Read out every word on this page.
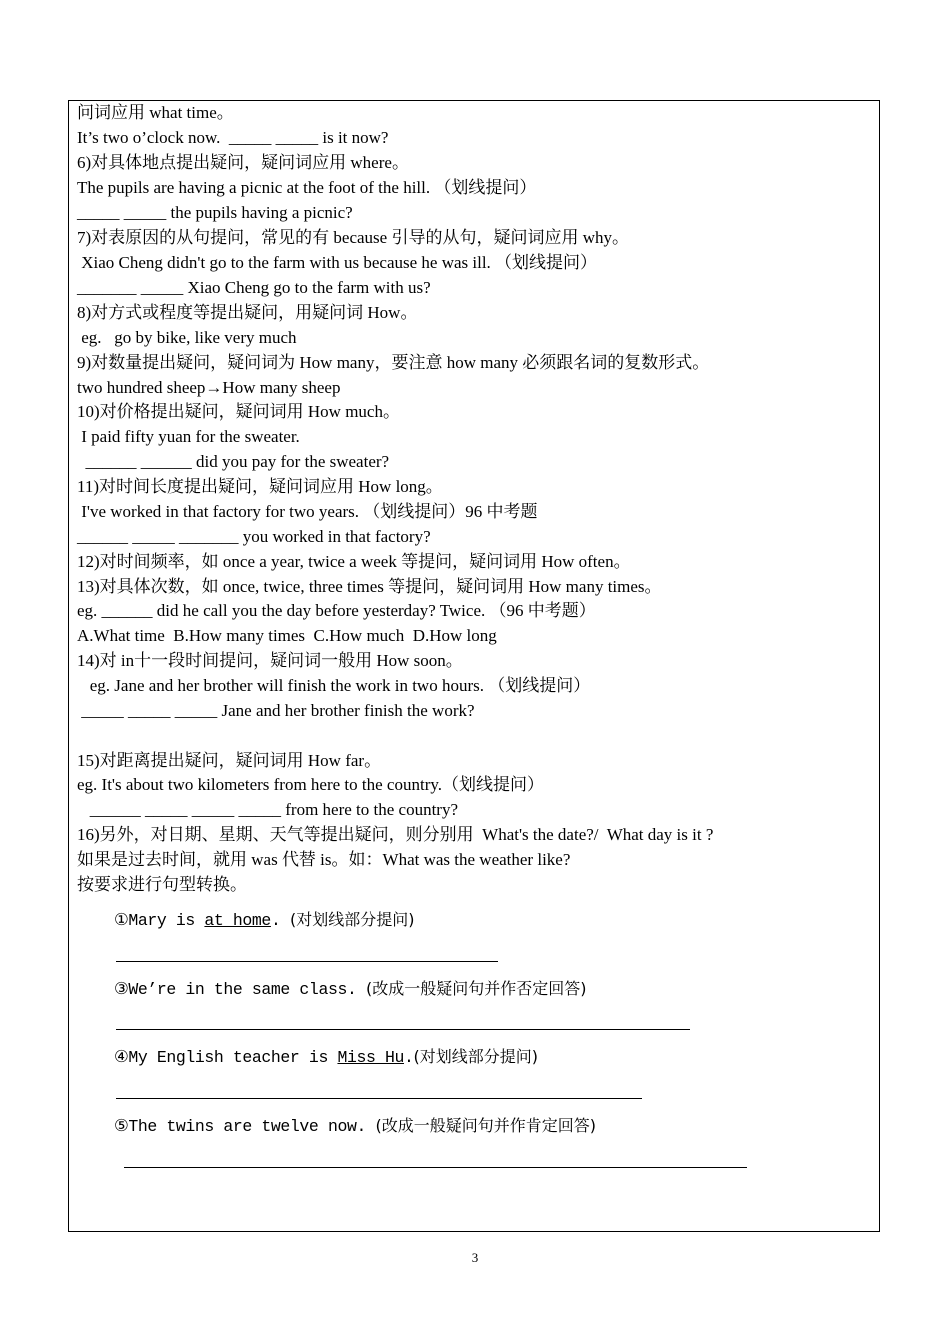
问词应用 what time。

It’s two o’clock now.  _____ _____ is it now?

6)对具体地点提出疑问，疑问词应用 where。

The pupils are having a picnic at the foot of the hill. （划线提问）

_____ _____ the pupils having a picnic?

7)对表原因的从句提问，常见的有 because 引导的从句，疑问词应用 why。

Xiao Cheng didn't go to the farm with us because he was ill. （划线提问）

_______ _____ Xiao Cheng go to the farm with us?

8)对方式或程度等提出疑问，用疑问词 How。

eg.   go by bike, like very much

9)对数量提出疑问，疑问词为 How many，要注意 how many 必须跟名词的复数形式。

two hundred sheep→How many sheep

10)对价格提出疑问，疑问词用 How much。

I paid fifty yuan for the sweater.

______ ______ did you pay for the sweater?

11)对时间长度提出疑问，疑问词应用 How long。

I've worked in that factory for two years. （划线提问）96 中考题

______ _____ _______ you worked in that factory?

12)对时间频率，如 once a year, twice a week 等提问，疑问词用 How often。

13)对具体次数，如 once, twice, three times 等提问，疑问词用 How many times。

eg. ______ did he call you the day before yesterday? Twice. （96 中考题）

A.What time  B.How many times  C.How much  D.How long

14)对 in十一段时间提问，疑问词一般用 How soon。

eg. Jane and her brother will finish the work in two hours. （划线提问）

_____ _____ _____ Jane and her brother finish the work?

15)对距离提出疑问，疑问词用 How far。

eg. It's about two kilometers from here to the country.（划线提问）

______ _____ _____ _____ from here to the country?

16)另外，对日期、星期、天气等提出疑问，则分别用  What's the date?/  What day is it ?

如果是过去时间，就用 was 代替 is。如：What was the weather like?

按要求进行句型转换。

①Mary is at home. (对划线部分提问)

③We’re in the same class. (改成一般疑问句并作否定回答)

④My English teacher is Miss Hu.(对划线部分提问)

⑤The twins are twelve now. (改成一般疑问句并作肯定回答)

3
